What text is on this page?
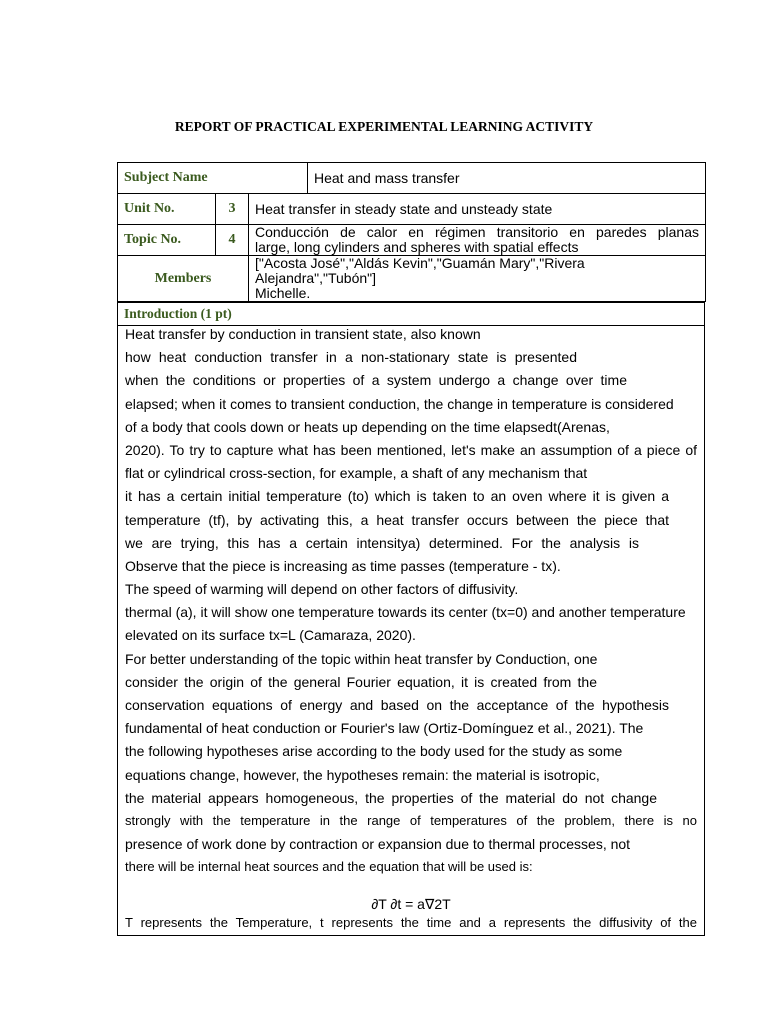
REPORT OF PRACTICAL EXPERIMENTAL LEARNING ACTIVITY
Subject Name			Heat and mass transfer
Unit No.	3	Heat transfer in steady state and unsteady state	
Topic No.	4	Conducción de calor en régimen transitorio en paredes planas
large, long cylinders and spheres with spatial effects	

Members		["Acosta José","Aldás Kevin","Guamán Mary","Rivera Alejandra","Tubón"]
Michelle.	
Introduction (1 pt)
Heat transfer by conduction in transient state, also known
how heat conduction transfer in a non-stationary state is presented
when the conditions or properties of a system undergo a change over time
elapsed; when it comes to transient conduction, the change in temperature is considered
of a body that cools down or heats up depending on the time elapsedt(Arenas,
2020). To try to capture what has been mentioned, let's make an assumption of a piece of
flat or cylindrical cross-section, for example, a shaft of any mechanism that
it has a certain initial temperature (to) which is taken to an oven where it is given a
temperature (tf), by activating this, a heat transfer occurs between the piece that
we are trying, this has a certain intensitya) determined. For the analysis is
Observe that the piece is increasing as time passes (temperature - tx).
The speed of warming will depend on other factors of diffusivity.
thermal (a), it will show one temperature towards its center (tx=0) and another temperature
elevated on its surface tx=L (Camaraza, 2020).
For better understanding of the topic within heat transfer by Conduction, one
consider the origin of the general Fourier equation, it is created from the
conservation equations of energy and based on the acceptance of the hypothesis
fundamental of heat conduction or Fourier's law (Ortiz-Domínguez et al., 2021). The
the following hypotheses arise according to the body used for the study as some
equations change, however, the hypotheses remain: the material is isotropic,
the material appears homogeneous, the properties of the material do not change
strongly with the temperature in the range of temperatures of the problem, there is no
presence of work done by contraction or expansion due to thermal processes, not
there will be internal heat sources and the equation that will be used is:
∂T ∂t = a∇2T
T represents the Temperature, t represents the time and a represents the diffusivity of the
